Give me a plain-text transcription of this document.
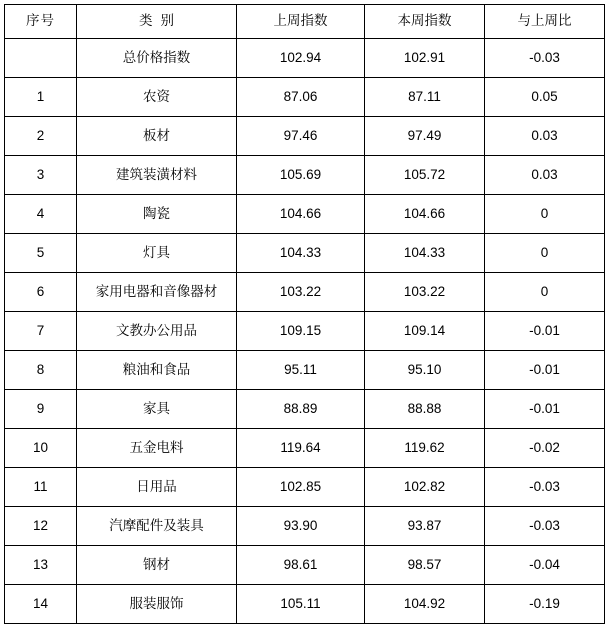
序号	类 别	上周指数	本周指数	与上周比
	总价格指数	102.94	102.91	-0.03
1	农资	87.06	87.11	0.05
2	板材	97.46	97.49	0.03
3	建筑装潢材料	105.69	105.72	0.03
4	陶瓷	104.66	104.66	0
5	灯具	104.33	104.33	0
6	家用电器和音像器材	103.22	103.22	0
7	文教办公用品	109.15	109.14	-0.01
8	粮油和食品	95.11	95.10	-0.01
9	家具	88.89	88.88	-0.01
10	五金电料	119.64	119.62	-0.02
11	日用品	102.85	102.82	-0.03
12	汽摩配件及装具	93.90	93.87	-0.03
13	钢材	98.61	98.57	-0.04
14	服装服饰	105.11	104.92	-0.19
